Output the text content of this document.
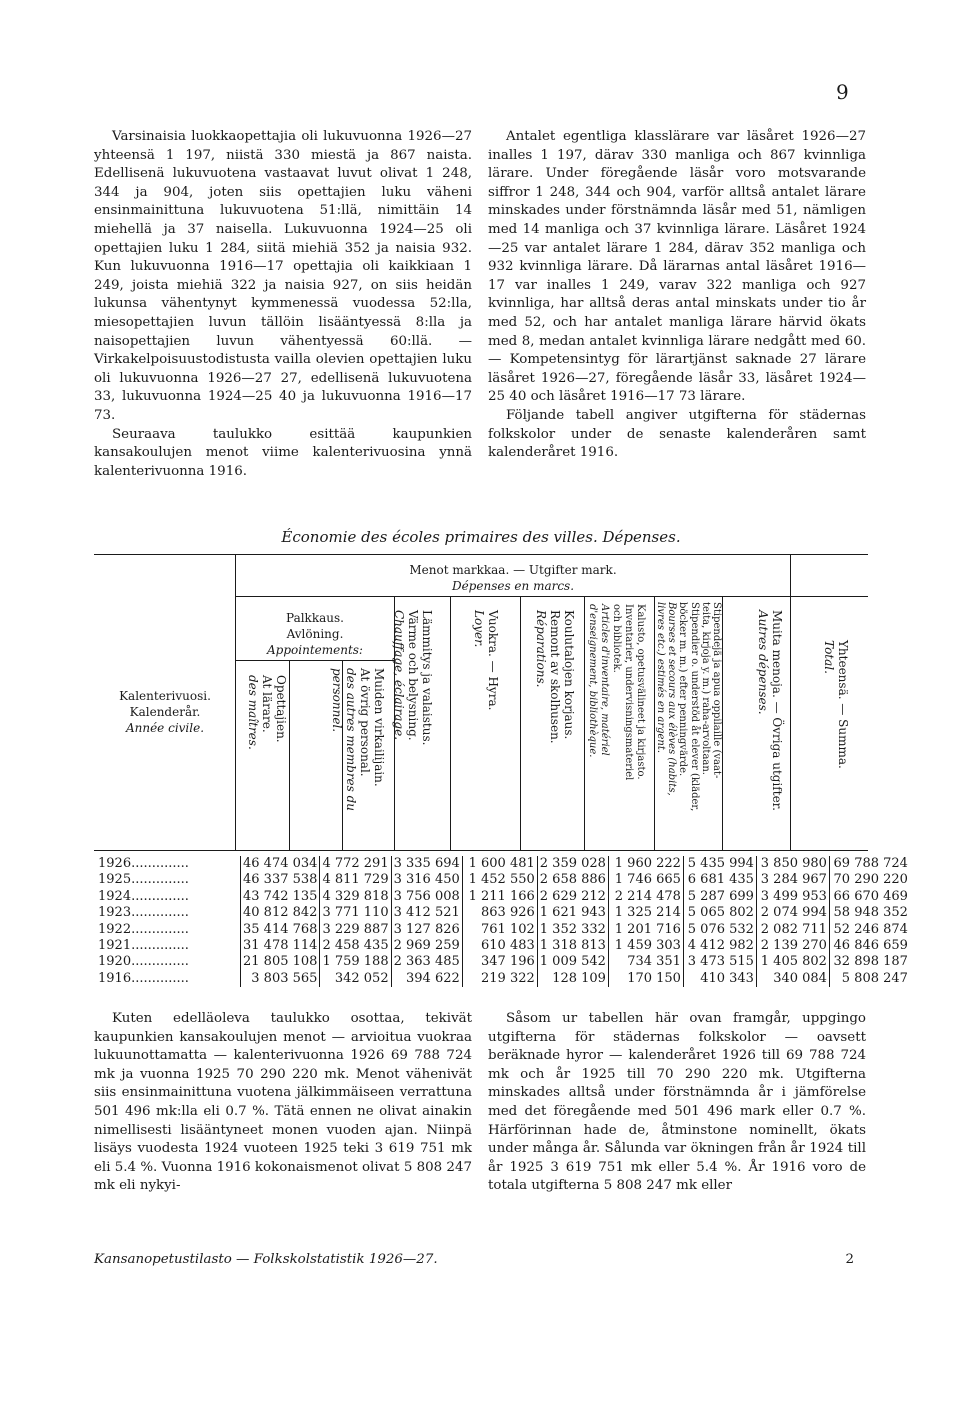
9

Varsinaisia luokkaopettajia oli lukuvuonna 1926—27 yhteensä 1 197, niistä 330 miestä ja 867 naista. Edellisenä lukuvuotena vastaavat luvut olivat 1 248, 344 ja 904, joten siis opettajien luku väheni ensinmainittuna lukuvuotena 51:llä, nimittäin 14 miehellä ja 37 naisella. Lukuvuonna 1924—25 oli opettajien luku 1 284, siitä miehiä 352 ja naisia 932. Kun lukuvuonna 1916—17 opettajia oli kaikkiaan 1 249, joista miehiä 322 ja naisia 927, on siis heidän lukunsa vähentynyt kymmenessä vuodessa 52:lla, miesopettajien luvun tällöin lisääntyessä 8:lla ja naisopettajien luvun vähentyessä 60:llä. — Virkakelpoisuustodistusta vailla olevien opettajien luku oli lukuvuonna 1926—27 27, edellisenä lukuvuotena 33, lukuvuonna 1924—25 40 ja lukuvuonna 1916—17 73.

Seuraava taulukko esittää kaupunkien kansakoulujen menot viime kalenterivuosina ynnä kalenterivuonna 1916.

Antalet egentliga klasslärare var läsåret 1926—27 inalles 1 197, därav 330 manliga och 867 kvinnliga lärare. Under föregående läsår voro motsvarande siffror 1 248, 344 och 904, varför alltså antalet lärare minskades under förstnämnda läsår med 51, nämligen med 14 manliga och 37 kvinnliga lärare. Läsåret 1924—25 var antalet lärare 1 284, därav 352 manliga och 932 kvinnliga lärare. Då lärarnas antal läsåret 1916—17 var inalles 1 249, varav 322 manliga och 927 kvinnliga, har alltså deras antal minskats under tio år med 52, och har antalet manliga lärare härvid ökats med 8, medan antalet kvinnliga lärare nedgått med 60. — Kompetensintyg för lärartjänst saknade 27 lärare läsåret 1926—27, föregående läsår 33, läsåret 1924—25 40 och läsåret 1916—17 73 lärare.

Följande tabell angiver utgifterna för städernas folkskolor under de senaste kalenderåren samt kalenderåret 1916.

Économie des écoles primaires des villes. Dépenses.
Kalenterivuosi.
Kalenderår.
Année civile.
Menot markkaa. — Utgifter mark.
Dépenses en marcs.
Palkkaus.
Avlöning.
Appointements:
Opettajien.
At lärare.
des maîtres.	Muiden virkailijain.
At övrig personal.
des autres membres du
personnel.	Lämmitys ja valaistus.
Värme och belysning.
Chauffage, éclairage.	Vuokra. — Hyra.
Loyer.	Koulutalojen korjaus.
Remont av skolhusen.
Réparations.	Kalusto, opetusvälineet ja kirjasto.
Inventarier, undervisningsmateriel
och bibliotek.
Articles d'inventaire, matériel
d'enseignement, bibliothèque.	Stipendejä ja apua oppilaille (vaat-
teita, kirjoja y. m.) raha-arvoltaan.
Stipendier o. understöd åt elever (kläder,
böcker m. m.) efter penningvärde.
Bourses et secours aux élèves (habits,
livres etc.) estimés en argent.	Muita menoja. — Övriga utgifter.
Autres dépenses.	Yhteensä. — Summa.
Total.
1926..............	46 474 034	4 772 291	3 335 694	1 600 481	2 359 028	1 960 222	5 435 994	3 850 980	69 788 724
1925..............	46 337 538	4 811 729	3 316 450	1 452 550	2 658 886	1 746 665	6 681 435	3 284 967	70 290 220
1924..............	43 742 135	4 329 818	3 756 008	1 211 166	2 629 212	2 214 478	5 287 699	3 499 953	66 670 469
1923..............	40 812 842	3 771 110	3 412 521	863 926	1 621 943	1 325 214	5 065 802	2 074 994	58 948 352
1922..............	35 414 768	3 229 887	3 127 826	761 102	1 352 332	1 201 716	5 076 532	2 082 711	52 246 874
1921..............	31 478 114	2 458 435	2 969 259	610 483	1 318 813	1 459 303	4 412 982	2 139 270	46 846 659
1920..............	21 805 108	1 759 188	2 363 485	347 196	1 009 542	734 351	3 473 515	1 405 802	32 898 187
1916..............	3 803 565	342 052	394 622	219 322	128 109	170 150	410 343	340 084	5 808 247

Kuten edelläoleva taulukko osottaa, tekivät kaupunkien kansakoulujen menot — arvioitua vuokraa lukuunottamatta — kalenterivuonna 1926 69 788 724 mk ja vuonna 1925 70 290 220 mk. Menot vähenivät siis ensinmainittuna vuotena jälkimmäiseen verrattuna 501 496 mk:lla eli 0.7 %. Tätä ennen ne olivat ainakin nimellisesti lisääntyneet monen vuoden ajan. Niinpä lisäys vuodesta 1924 vuoteen 1925 teki 3 619 751 mk eli 5.4 %. Vuonna 1916 kokonaismenot olivat 5 808 247 mk eli nykyi-

Såsom ur tabellen här ovan framgår, uppgingo utgifterna för städernas folkskolor — oavsett beräknade hyror — kalenderåret 1926 till 69 788 724 mk och år 1925 till 70 290 220 mk. Utgifterna minskades alltså under förstnämnda år i jämförelse med det föregående med 501 496 mark eller 0.7 %. Härförinnan hade de, åtminstone nominellt, ökats under många år. Sålunda var ökningen från år 1924 till år 1925 3 619 751 mk eller 5.4 %. År 1916 voro de totala utgifterna 5 808 247 mk eller

Kansanopetustilasto — Folkskolstatistik 1926—27.	2
